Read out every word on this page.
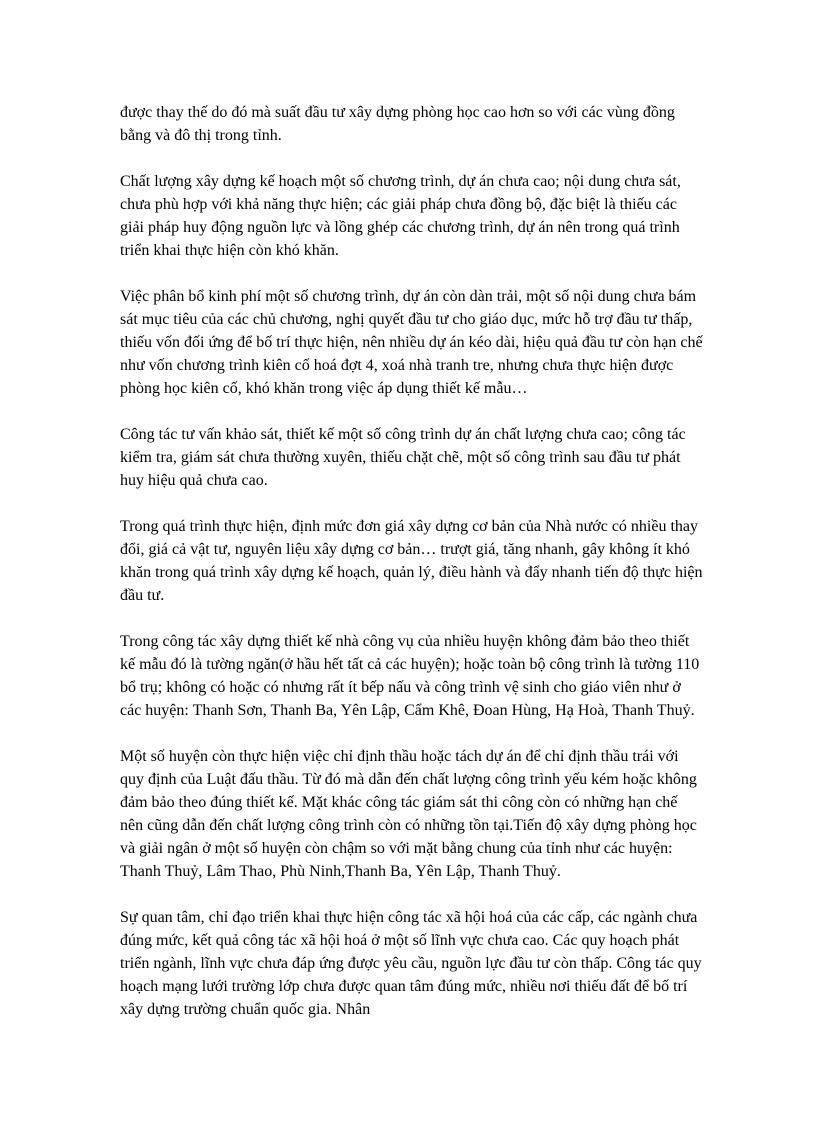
được thay thế do đó mà suất đầu tư xây dựng phòng học cao hơn so với các vùng đồng bằng và đô thị trong tỉnh.

Chất lượng xây dựng kế hoạch một số chương trình, dự án chưa cao; nội dung chưa sát, chưa phù hợp với khả năng thực hiện; các giải pháp chưa đồng bộ, đặc biệt là thiếu các giải pháp huy động nguồn lực và lồng ghép các chương trình, dự án nên trong quá trình triển khai thực hiện còn khó khăn.

Việc phân bổ kinh phí một số chương trình, dự án còn dàn trải, một số nội dung chưa bám sát mục tiêu của các chủ chương, nghị quyết đầu tư cho giáo dục, mức hỗ trợ đầu tư thấp, thiếu vốn đối ứng để bố trí thực hiện, nên nhiều dự án kéo dài, hiệu quả đầu tư còn hạn chế như vốn chương trình kiên cố hoá đợt 4, xoá nhà tranh tre, nhưng chưa thực hiện được phòng học kiên cố, khó khăn trong việc áp dụng thiết kế mẫu…

Công tác tư vấn khảo sát, thiết kế một số công trình dự án chất lượng chưa cao; công tác kiểm tra, giám sát chưa thường xuyên, thiếu chặt chẽ, một số công trình sau đầu tư phát huy hiệu quả chưa cao.

Trong quá trình thực hiện, định mức đơn giá xây dựng cơ bản của Nhà nước có nhiều thay đổi, giá cả vật tư, nguyên liệu xây dựng cơ bản… trượt giá, tăng nhanh, gây không ít khó khăn trong quá trình xây dựng kế hoạch, quản lý, điều hành và đẩy nhanh tiến độ thực hiện đầu tư.

Trong công tác xây dựng thiết kế nhà công vụ của nhiều huyện không đảm bảo theo thiết kế mẫu đó là tường ngăn(ở hầu hết tất cả các huyện); hoặc toàn bộ công trình là tường 110 bổ trụ; không có hoặc có nhưng rất ít bếp nấu và công trình vệ sinh cho giáo viên như ở các huyện: Thanh Sơn, Thanh Ba, Yên Lập, Cẩm Khê, Đoan Hùng, Hạ Hoà, Thanh Thuỷ.

Một số huyện còn thực hiện việc chỉ định thầu hoặc tách dự án để chỉ định thầu trái với quy định của Luật đấu thầu. Từ đó mà dẫn đến chất lượng công trình yếu kém hoặc không đảm bảo theo đúng thiết kế. Mặt khác công tác giám sát thi công còn có những hạn chế nên cũng dẫn đến chất lượng công trình còn có những tồn tại.Tiến độ xây dựng phòng học và giải ngân ở một số huyện còn chậm so với mặt bằng chung của tỉnh như các huyện: Thanh Thuỷ, Lâm Thao, Phù Ninh,Thanh Ba, Yên Lập, Thanh Thuỷ.

Sự quan tâm, chỉ đạo triển khai thực hiện công tác xã hội hoá của các cấp, các ngành chưa đúng mức, kết quả công tác xã hội hoá ở một số lĩnh vực chưa cao. Các quy hoạch phát triển ngành, lĩnh vực chưa đáp ứng được yêu cầu, nguồn lực đầu tư còn thấp. Công tác quy hoạch mạng lưới trường lớp chưa được quan tâm đúng mức, nhiều nơi thiếu đất để bố trí xây dựng trường chuẩn quốc gia. Nhân
